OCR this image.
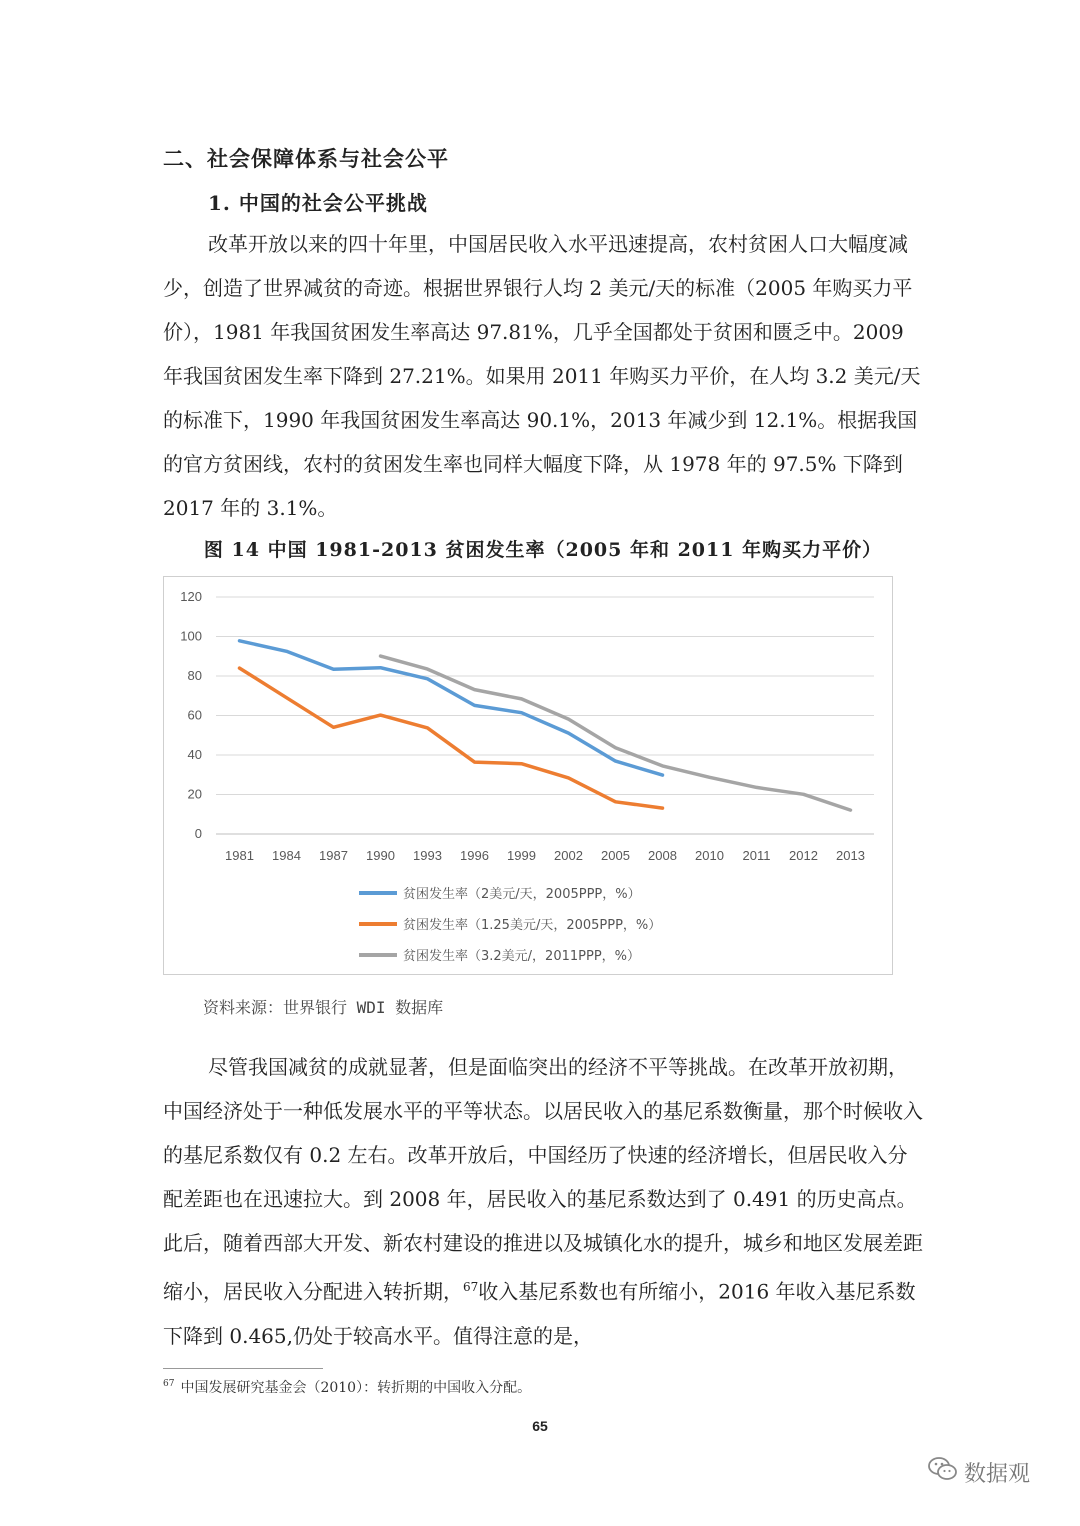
二、社会保障体系与社会公平
1. 中国的社会公平挑战

改革开放以来的四十年里，中国居民收入水平迅速提高，农村贫困人口大幅度减少，创造了世界减贫的奇迹。根据世界银行人均 2 美元/天的标准（2005 年购买力平价），1981 年我国贫困发生率高达 97.81%，几乎全国都处于贫困和匮乏中。2009 年我国贫困发生率下降到 27.21%。如果用 2011 年购买力平价，在人均 3.2 美元/天的标准下，1990 年我国贫困发生率高达 90.1%，2013 年减少到 12.1%。根据我国的官方贫困线，农村的贫困发生率也同样大幅度下降，从 1978 年的 97.5% 下降到 2017 年的 3.1%。

图 14 中国 1981-2013 贫困发生率（2005 年和 2011 年购买力平价）
0
20
40
60
80
100
120
1981 1984 1987 1990 1993 1996 1999 2002 2005 2008 2010 2011 2012 2013
贫困发生率（2美元/天，2005PPP，%）
贫困发生率（1.25美元/天，2005PPP，%）
贫困发生率（3.2美元/，2011PPP，%）
资料来源：世界银行 WDI 数据库

尽管我国减贫的成就显著，但是面临突出的经济不平等挑战。在改革开放初期，中国经济处于一种低发展水平的平等状态。以居民收入的基尼系数衡量，那个时候收入的基尼系数仅有 0.2 左右。改革开放后，中国经历了快速的经济增长，但居民收入分配差距也在迅速拉大。到 2008 年，居民收入的基尼系数达到了 0.491 的历史高点。此后，随着西部大开发、新农村建设的推进以及城镇化水的提升，城乡和地区发展差距缩小，居民收入分配进入转折期，$^{67}$收入基尼系数也有所缩小，2016 年收入基尼系数下降到 0.465,仍处于较高水平。值得注意的是，

$^{67}$ 中国发展研究基金会（2010）：转折期的中国收入分配。
65
数据观
